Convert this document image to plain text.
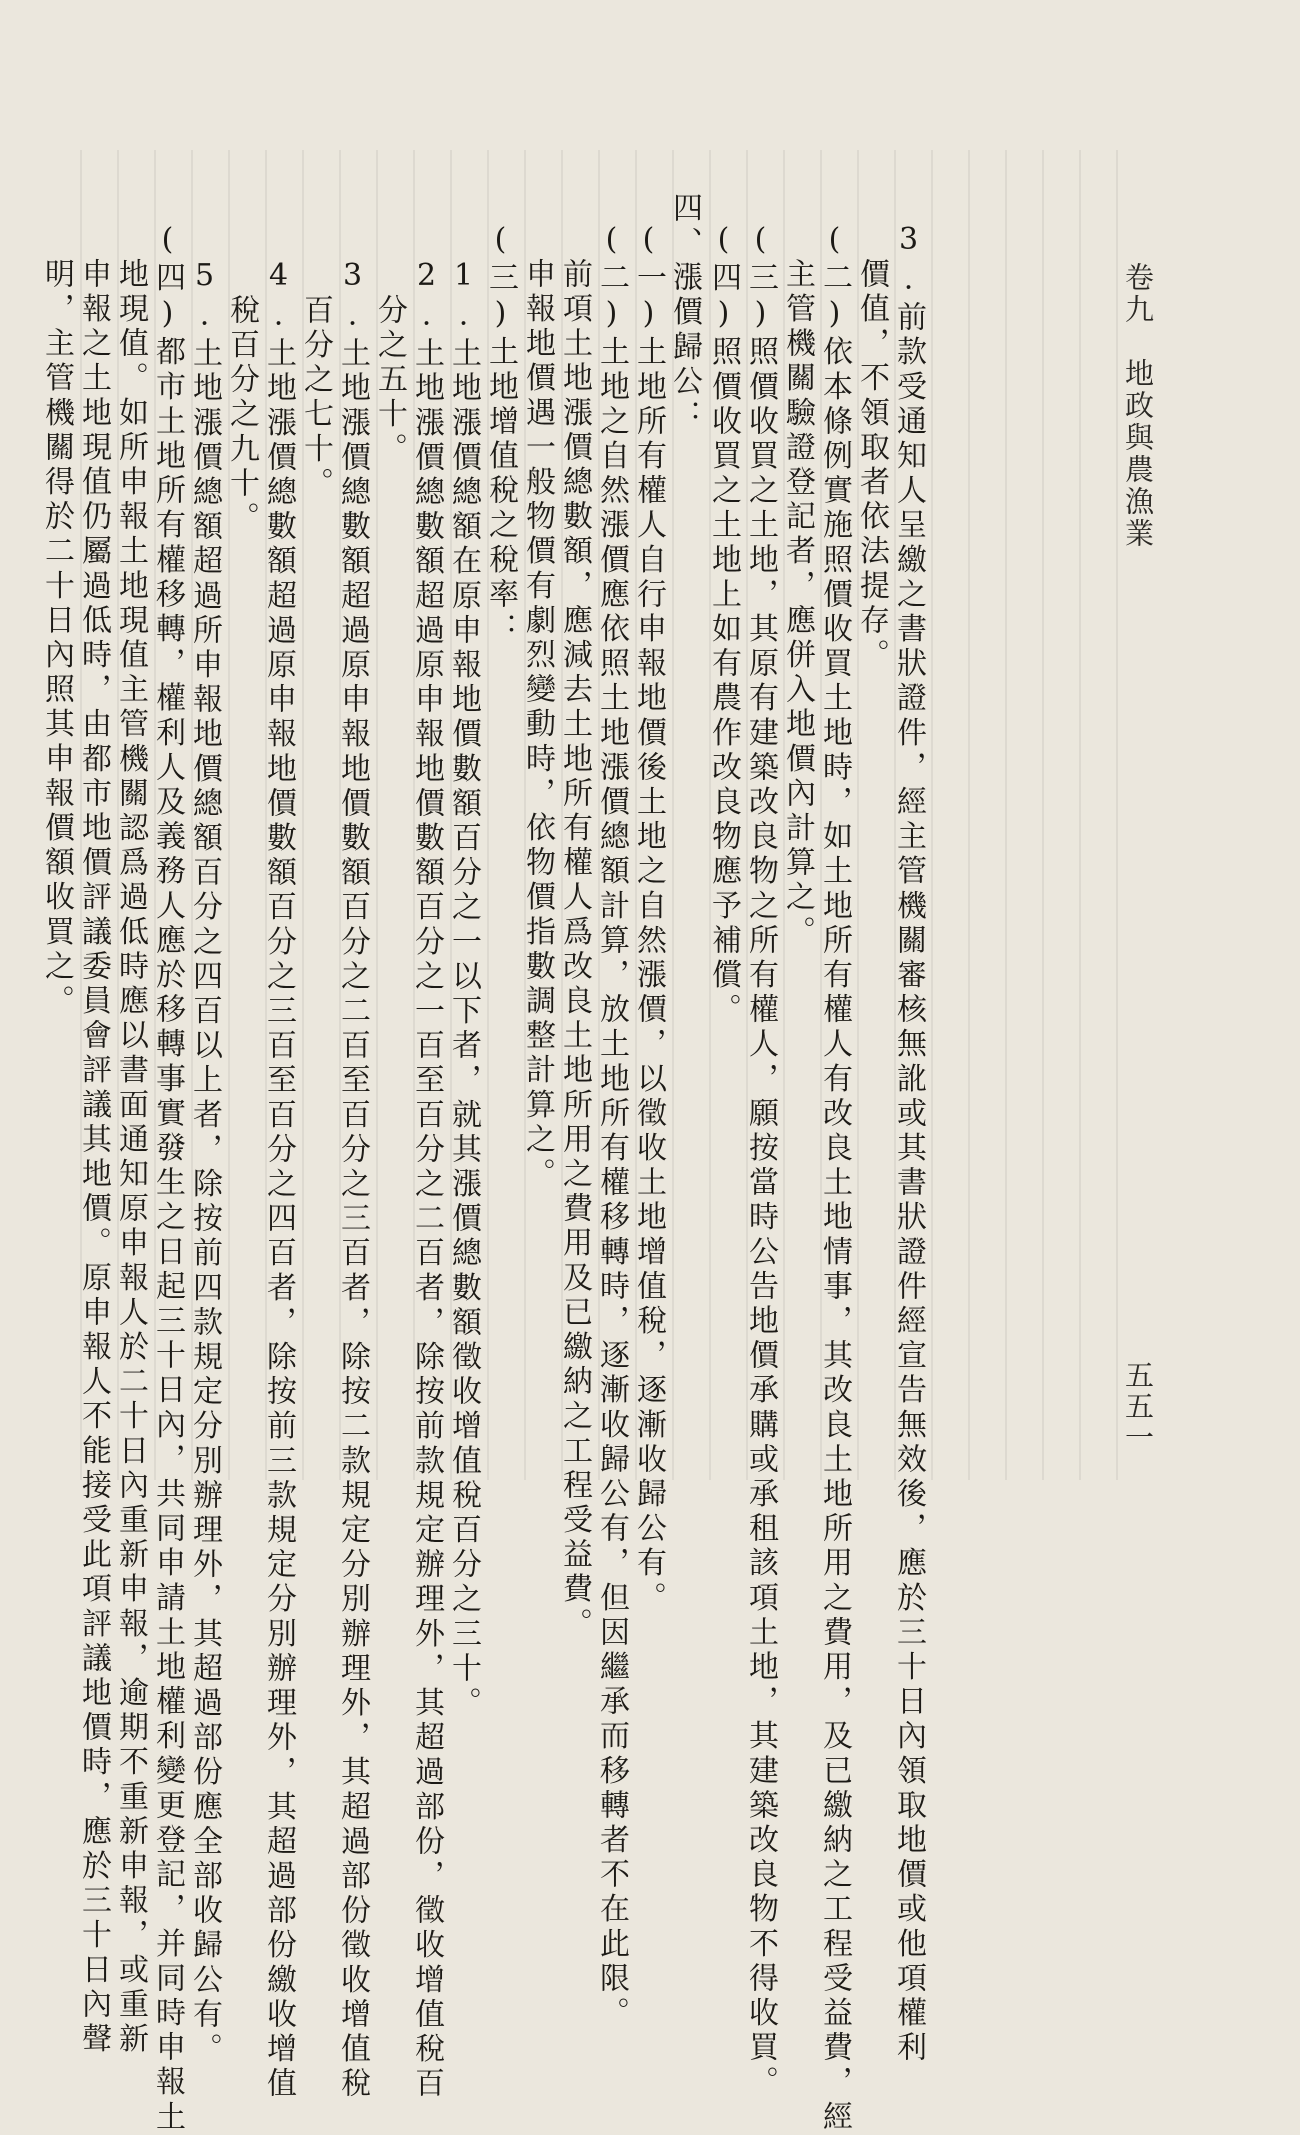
3.前款受通知人呈繳之書狀證件，經主管機關審核無訛或其書狀證件經宣告無效後，應於三十日內領取地價或他項權利
價值，不領取者依法提存。
(二)依本條例實施照價收買土地時，如土地所有權人有改良土地情事，其改良土地所用之費用，及已繳納之工程受益費，經
主管機關驗證登記者，應併入地價內計算之。
(三)照價收買之土地，其原有建築改良物之所有權人，願按當時公告地價承購或承租該項土地，其建築改良物不得收買。
(四)照價收買之土地上如有農作改良物應予補償。
四、漲價歸公：
(一)土地所有權人自行申報地價後土地之自然漲價，以徵收土地增值稅，逐漸收歸公有。
(二)土地之自然漲價應依照土地漲價總額計算，放土地所有權移轉時，逐漸收歸公有，但因繼承而移轉者不在此限。
前項土地漲價總數額，應減去土地所有權人爲改良土地所用之費用及已繳納之工程受益費。
申報地價遇一般物價有劇烈變動時，依物價指數調整計算之。
(三)土地增值稅之稅率：
1.土地漲價總額在原申報地價數額百分之一以下者，就其漲價總數額徵收增值稅百分之三十。
2.土地漲價總數額超過原申報地價數額百分之一百至百分之二百者，除按前款規定辦理外，其超過部份，徵收增值稅百
分之五十。
3.土地漲價總數額超過原申報地價數額百分之二百至百分之三百者，除按二款規定分別辦理外，其超過部份徵收增值稅
百分之七十。
4.土地漲價總數額超過原申報地價數額百分之三百至百分之四百者，除按前三款規定分別辦理外，其超過部份繳收增值
稅百分之九十。
5.土地漲價總額超過所申報地價總額百分之四百以上者，除按前四款規定分別辦理外，其超過部份應全部收歸公有。
(四)都市土地所有權移轉，權利人及義務人應於移轉事實發生之日起三十日內，共同申請土地權利變更登記，并同時申報土
地現值。如所申報土地現值主管機關認爲過低時應以書面通知原申報人於二十日內重新申報，逾期不重新申報，或重新
申報之土地現值仍屬過低時，由都市地價評議委員會評議其地價。原申報人不能接受此項評議地價時，應於三十日內聲
明，主管機關得於二十日內照其申報價額收買之。	卷九　地政與農漁業
五五一
